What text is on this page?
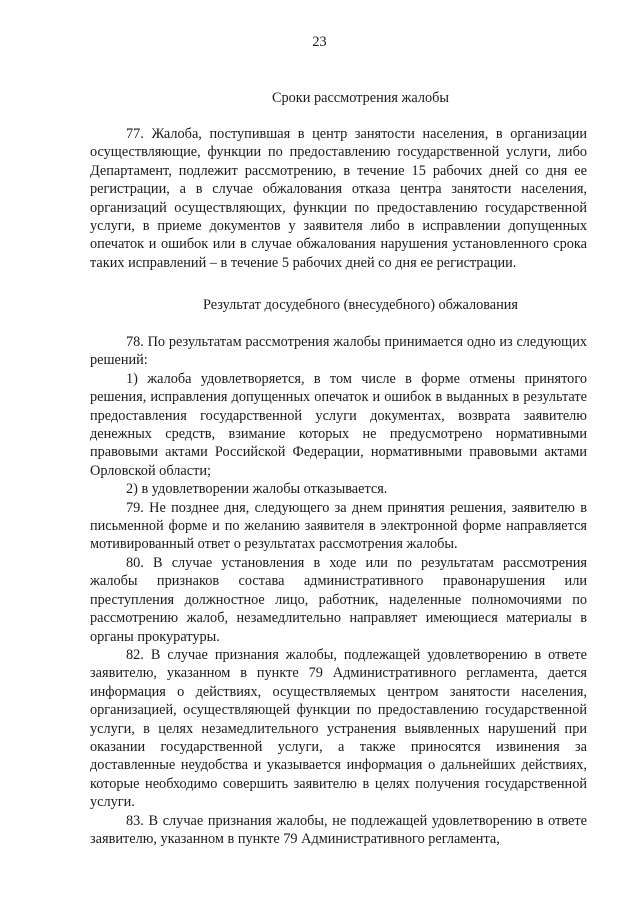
23
Сроки рассмотрения жалобы

77. Жалоба, поступившая в центр занятости населения, в организации осуществляющие, функции по предоставлению государственной услуги, либо Департамент, подлежит рассмотрению, в течение 15 рабочих дней со дня ее регистрации, а в случае обжалования отказа центра занятости населения, организаций осуществляющих, функции по предоставлению государственной услуги, в приеме документов у заявителя либо в исправлении допущенных опечаток и ошибок или в случае обжалования нарушения установленного срока таких исправлений – в течение 5 рабочих дней со дня ее регистрации.

Результат досудебного (внесудебного) обжалования

78. По результатам рассмотрения жалобы принимается одно из следующих решений:

1) жалоба удовлетворяется, в том числе в форме отмены принятого решения, исправления допущенных опечаток и ошибок в выданных в результате предоставления государственной услуги документах, возврата заявителю денежных средств, взимание которых не предусмотрено нормативными правовыми актами Российской Федерации, нормативными правовыми актами Орловской области;

2) в удовлетворении жалобы отказывается.

79. Не позднее дня, следующего за днем принятия решения, заявителю в письменной форме и по желанию заявителя в электронной форме направляется мотивированный ответ о результатах рассмотрения жалобы.

80. В случае установления в ходе или по результатам рассмотрения жалобы признаков состава административного правонарушения или преступления должностное лицо, работник, наделенные полномочиями по рассмотрению жалоб, незамедлительно направляет имеющиеся материалы в органы прокуратуры.

82. В случае признания жалобы, подлежащей удовлетворению в ответе заявителю, указанном в пункте 79 Административного регламента, дается информация о действиях, осуществляемых центром занятости населения, организацией, осуществляющей функции по предоставлению государственной услуги, в целях незамедлительного устранения выявленных нарушений при оказании государственной услуги, а также приносятся извинения за доставленные неудобства и указывается информация о дальнейших действиях, которые необходимо совершить заявителю в целях получения государственной услуги.

83. В случае признания жалобы, не подлежащей удовлетворению в ответе заявителю, указанном в пункте 79 Административного регламента,
